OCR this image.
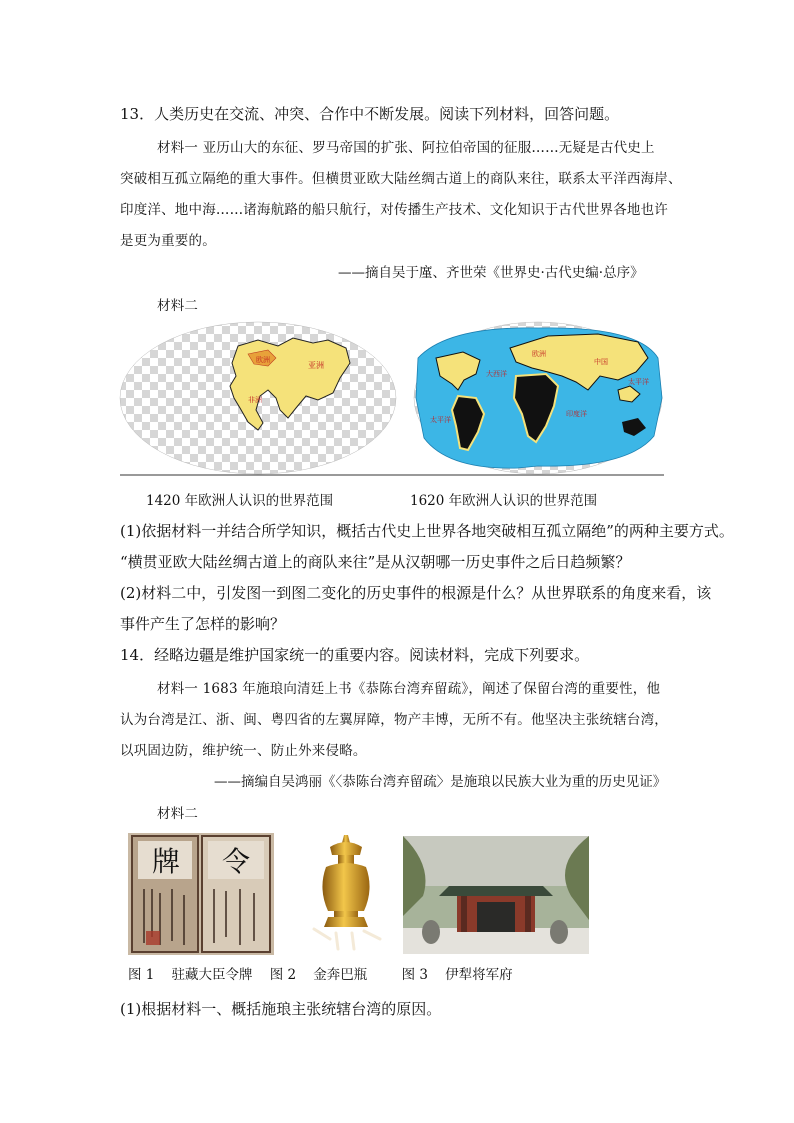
13．人类历史在交流、冲突、合作中不断发展。阅读下列材料，回答问题。
材料一 亚历山大的东征、罗马帝国的扩张、阿拉伯帝国的征服……无疑是古代史上
突破相互孤立隔绝的重大事件。但横贯亚欧大陆丝绸古道上的商队来往，联系太平洋西海岸、
印度洋、地中海……诸海航路的船只航行，对传播生产技术、文化知识于古代世界各地也许
是更为重要的。
——摘自吴于廑、齐世荣《世界史·古代史编·总序》
材料二
亚洲
欧洲
非洲
大西洋
太平洋
太平洋
印度洋
中国
欧洲
1420 年欧洲人认识的世界范围	1620 年欧洲人认识的世界范围
(1)依据材料一并结合所学知识，概括古代史上世界各地突破相互孤立隔绝”的两种主要方式。
“横贯亚欧大陆丝绸古道上的商队来往”是从汉朝哪一历史事件之后日趋频繁？
(2)材料二中，引发图一到图二变化的历史事件的根源是什么？从世界联系的角度来看，该
事件产生了怎样的影响？
14．经略边疆是维护国家统一的重要内容。阅读材料，完成下列要求。
材料一 1683 年施琅向清廷上书《恭陈台湾弃留疏》，阐述了保留台湾的重要性，他
认为台湾是江、浙、闽、粤四省的左翼屏障，物产丰博，无所不有。他坚决主张统辖台湾，
以巩固边防，维护统一、防止外来侵略。
——摘编自吴鸿丽《〈恭陈台湾弃留疏〉是施琅以民族大业为重的历史见证》
材料二
牌 令
图 1    驻藏大臣令牌    图 2    金奔巴瓶        图 3    伊犁将军府
(1)根据材料一、概括施琅主张统辖台湾的原因。
